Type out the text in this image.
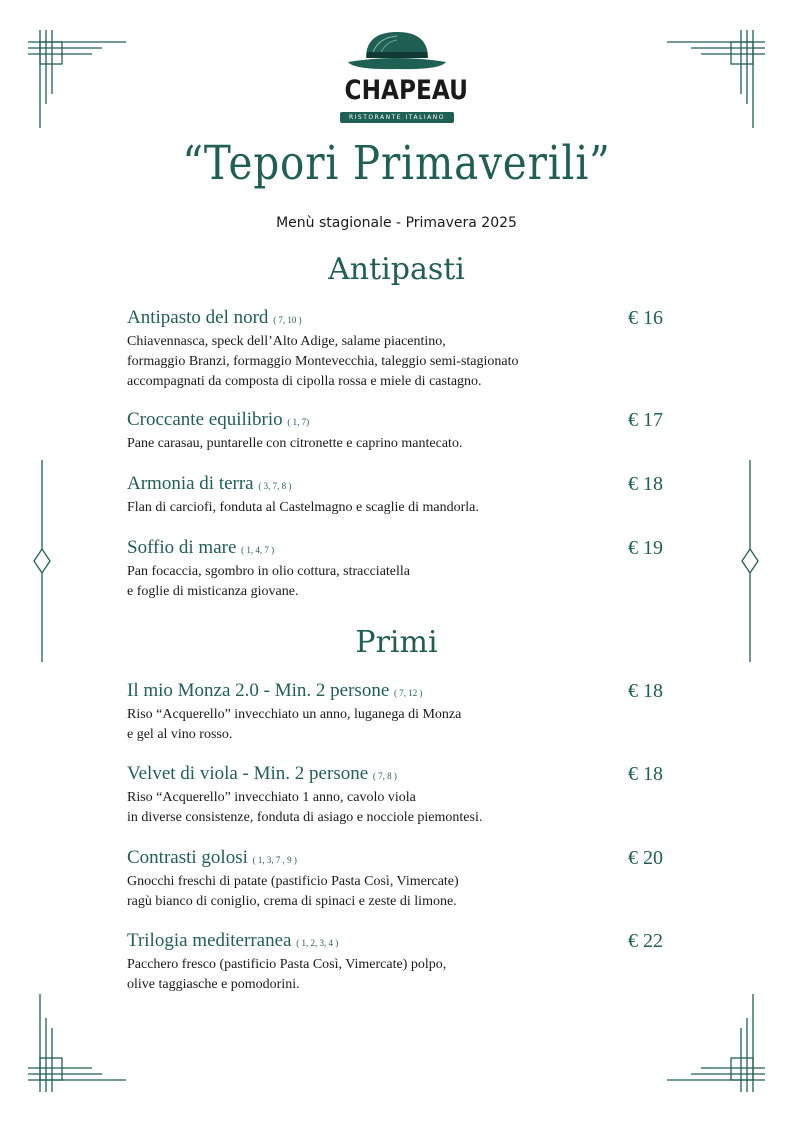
CHAPEAU
RISTORANTE ITALIANO
“Tepori Primaverili”
Menù stagionale - Primavera 2025
Antipasti
Antipasto del nord ( 7, 10 )	€ 16
Chiavennasca, speck dell’Alto Adige, salame piacentino,
formaggio Branzi, formaggio Montevecchia, taleggio semi-stagionato
accompagnati da composta di cipolla rossa e miele di castagno.
Croccante equilibrio ( 1, 7)	€ 17
Pane carasau, puntarelle con citronette e caprino mantecato.
Armonia di terra ( 3, 7, 8 )	€ 18
Flan di carciofi, fonduta al Castelmagno e scaglie di mandorla.
Soffio di mare ( 1, 4, 7 )	€ 19
Pan focaccia, sgombro in olio cottura, stracciatella
e foglie di misticanza giovane.
Primi
Il mio Monza 2.0 - Min. 2 persone ( 7, 12 )	€ 18
Riso “Acquerello” invecchiato un anno, luganega di Monza
e gel al vino rosso.
Velvet di viola - Min. 2 persone ( 7, 8 )	€ 18
Riso “Acquerello” invecchiato 1 anno, cavolo viola
in diverse consistenze, fonduta di asiago e nocciole piemontesi.
Contrasti golosi ( 1, 3, 7 , 9 )	€ 20
Gnocchi freschi di patate (pastificio Pasta Così, Vimercate)
ragù bianco di coniglio, crema di spinaci e zeste di limone.
Trilogia mediterranea ( 1, 2, 3, 4 )	€ 22
Pacchero fresco (pastificio Pasta Così, Vimercate) polpo,
olive taggiasche e pomodorini.
